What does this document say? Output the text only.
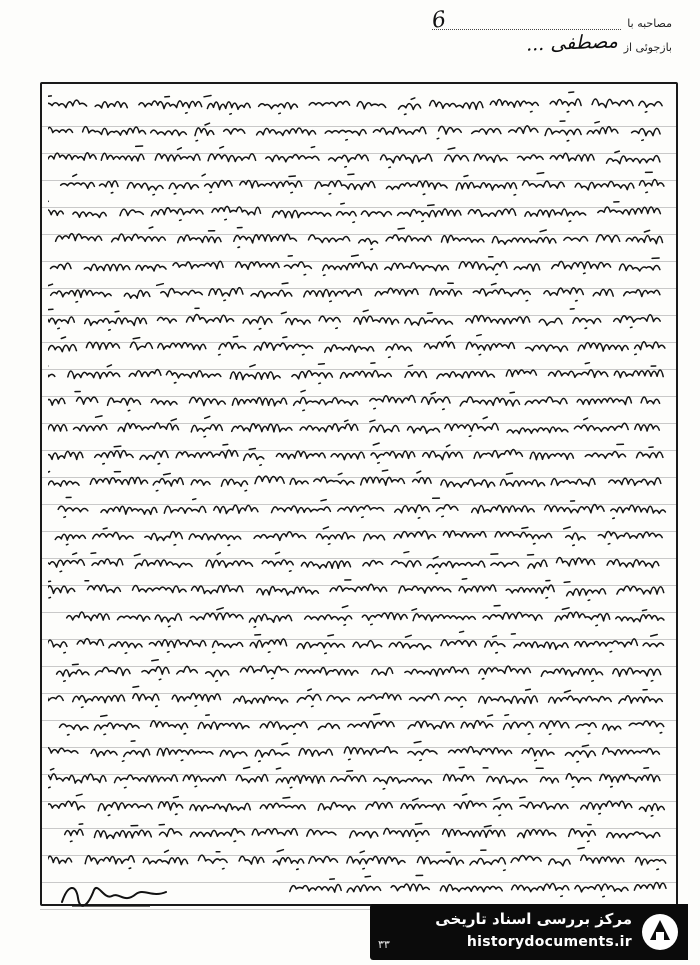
مصاحبه با
بازجوئی از
مصطفی ...
6
مرکز بررسی اسناد تاریخی
historydocuments.ir
۳۳
